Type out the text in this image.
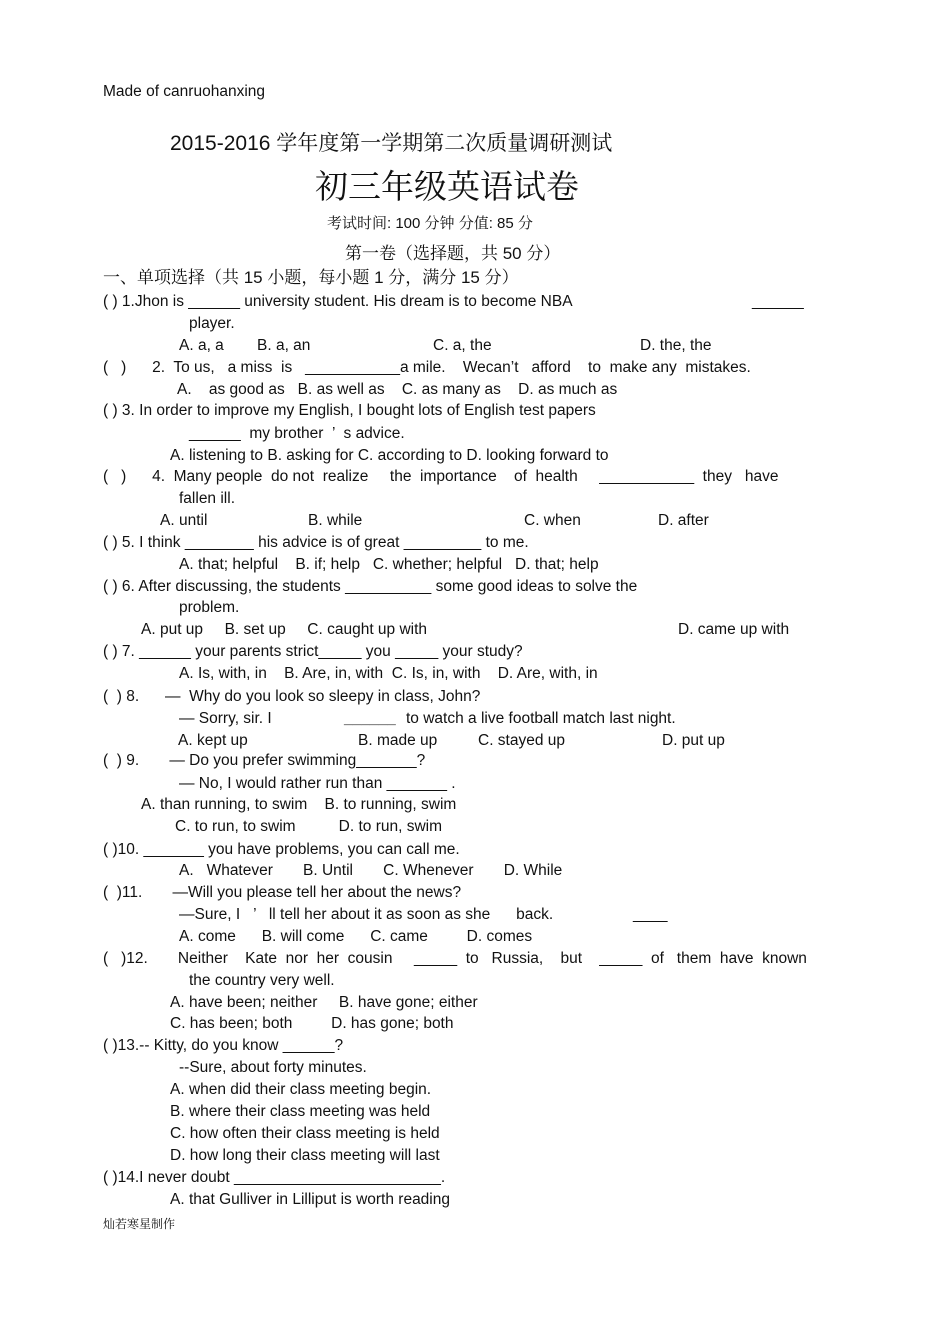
Made of canruohanxing
2015-2016 学年度第一学期第二次质量调研测试
初三年级英语试卷
考试时间: 100 分钟 分值: 85 分
第一卷（选择题，共 50 分）
一、单项选择（共 15 小题，每小题 1 分，满分 15 分）
( ) 1.Jhon is ______ university student. His dream is to become NBA	______
player.
A. a, a B. a, an	C. a, the	D. the, the
(   )      2.  To us,   a miss  is   ___________a mile.    Wecan’t   afford    to  make any  mistakes.
A.    as good as   B. as well as    C. as many as    D. as much as
( ) 3. In order to improve my English, I bought lots of English test papers
______  my brother  ’  s advice.
A. listening to B. asking for C. according to D. looking forward to
(   )      4.  Many people  do not  realize     the  importance    of  health     ___________  they   have
fallen ill.
A. until	B. while	C. when	D. after
( ) 5. I think ________ his advice is of great _________ to me.
A. that; helpful    B. if; help   C. whether; helpful   D. that; help
( ) 6. After discussing, the students __________ some good ideas to solve the
problem.
A. put up     B. set up     C. caught up with	D. came up with
( ) 7. ______ your parents strict_____ you _____ your study?
A. Is, with, in    B. Are, in, with  C. Is, in, with    D. Are, with, in
(  ) 8.      —  Why do you look so sleepy in class, John?
— Sorry, sir. I	______ to watch a live football match last night.
A. kept up	B. made up	C. stayed up	D. put up
(  ) 9.       — Do you prefer swimming_______?
— No, I would rather run than _______ .
A. than running, to swim    B. to running, swim
C. to run, to swim          D. to run, swim
( )10. _______ you have problems, you can call me.
A.   Whatever       B. Until       C. Whenever       D. While
(  )11.       —Will you please tell her about the news?
—Sure, I   ’   ll tell her about it as soon as she      back.	____
A. come      B. will come      C. came         D. comes
(   )12.       Neither    Kate  nor  her  cousin     _____  to   Russia,    but    _____  of   them  have  known
the country very well.
A. have been; neither     B. have gone; either
C. has been; both         D. has gone; both
( )13.-- Kitty, do you know ______?
--Sure, about forty minutes.
A. when did their class meeting begin.
B. where their class meeting was held
C. how often their class meeting is held
D. how long their class meeting will last
( )14.I never doubt ________________________.
A. that Gulliver in Lilliput is worth reading
灿若寒星制作
